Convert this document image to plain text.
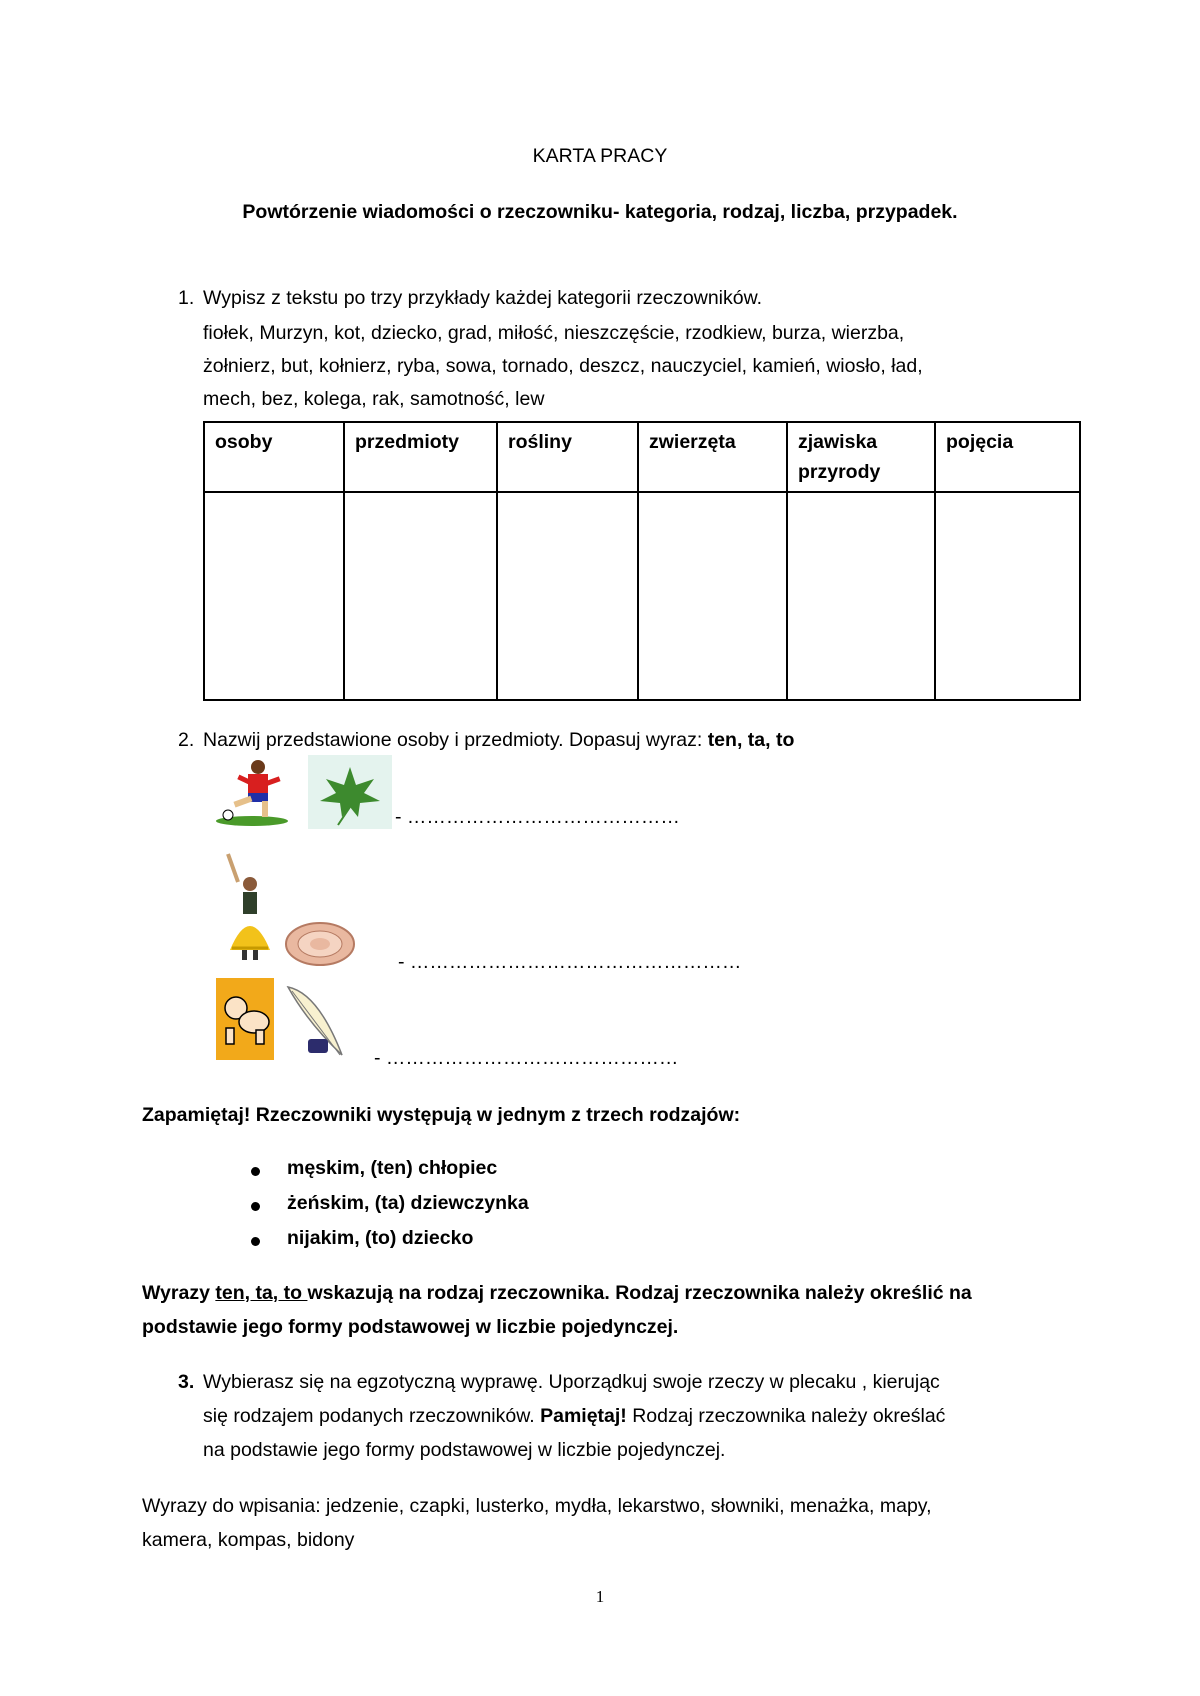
KARTA PRACY
Powtórzenie wiadomości o rzeczowniku- kategoria, rodzaj, liczba, przypadek.
1. Wypisz z tekstu po trzy przykłady każdej kategorii rzeczowników.
fiołek, Murzyn, kot, dziecko, grad, miłość, nieszczęście, rzodkiew, burza, wierzba,
żołnierz, but, kołnierz, ryba, sowa, tornado, deszcz, nauczyciel, kamień, wiosło, ład,
mech, bez, kolega, rak, samotność, lew
osoby	przedmioty	rośliny	zwierzęta	zjawiska przyrody	pojęcia

2. Nazwij przedstawione osoby i przedmioty. Dopasuj wyraz: ten, ta, to
- ……………………………………
- ……………………………………………
- ………………………………………
Zapamiętaj! Rzeczowniki występują w jednym z trzech rodzajów:
męskim, (ten) chłopiec
żeńskim, (ta) dziewczynka
nijakim, (to) dziecko
Wyrazy ten, ta, to wskazują na rodzaj rzeczownika. Rodzaj rzeczownika należy określić na
podstawie jego formy podstawowej w liczbie pojedynczej.
3. Wybierasz się na egzotyczną wyprawę. Uporządkuj swoje rzeczy w plecaku , kierując
się rodzajem podanych rzeczowników. Pamiętaj! Rodzaj rzeczownika należy określać
na podstawie jego formy podstawowej w liczbie pojedynczej.
Wyrazy do wpisania: jedzenie, czapki, lusterko, mydła, lekarstwo, słowniki, menażka, mapy,
kamera, kompas, bidony
1
